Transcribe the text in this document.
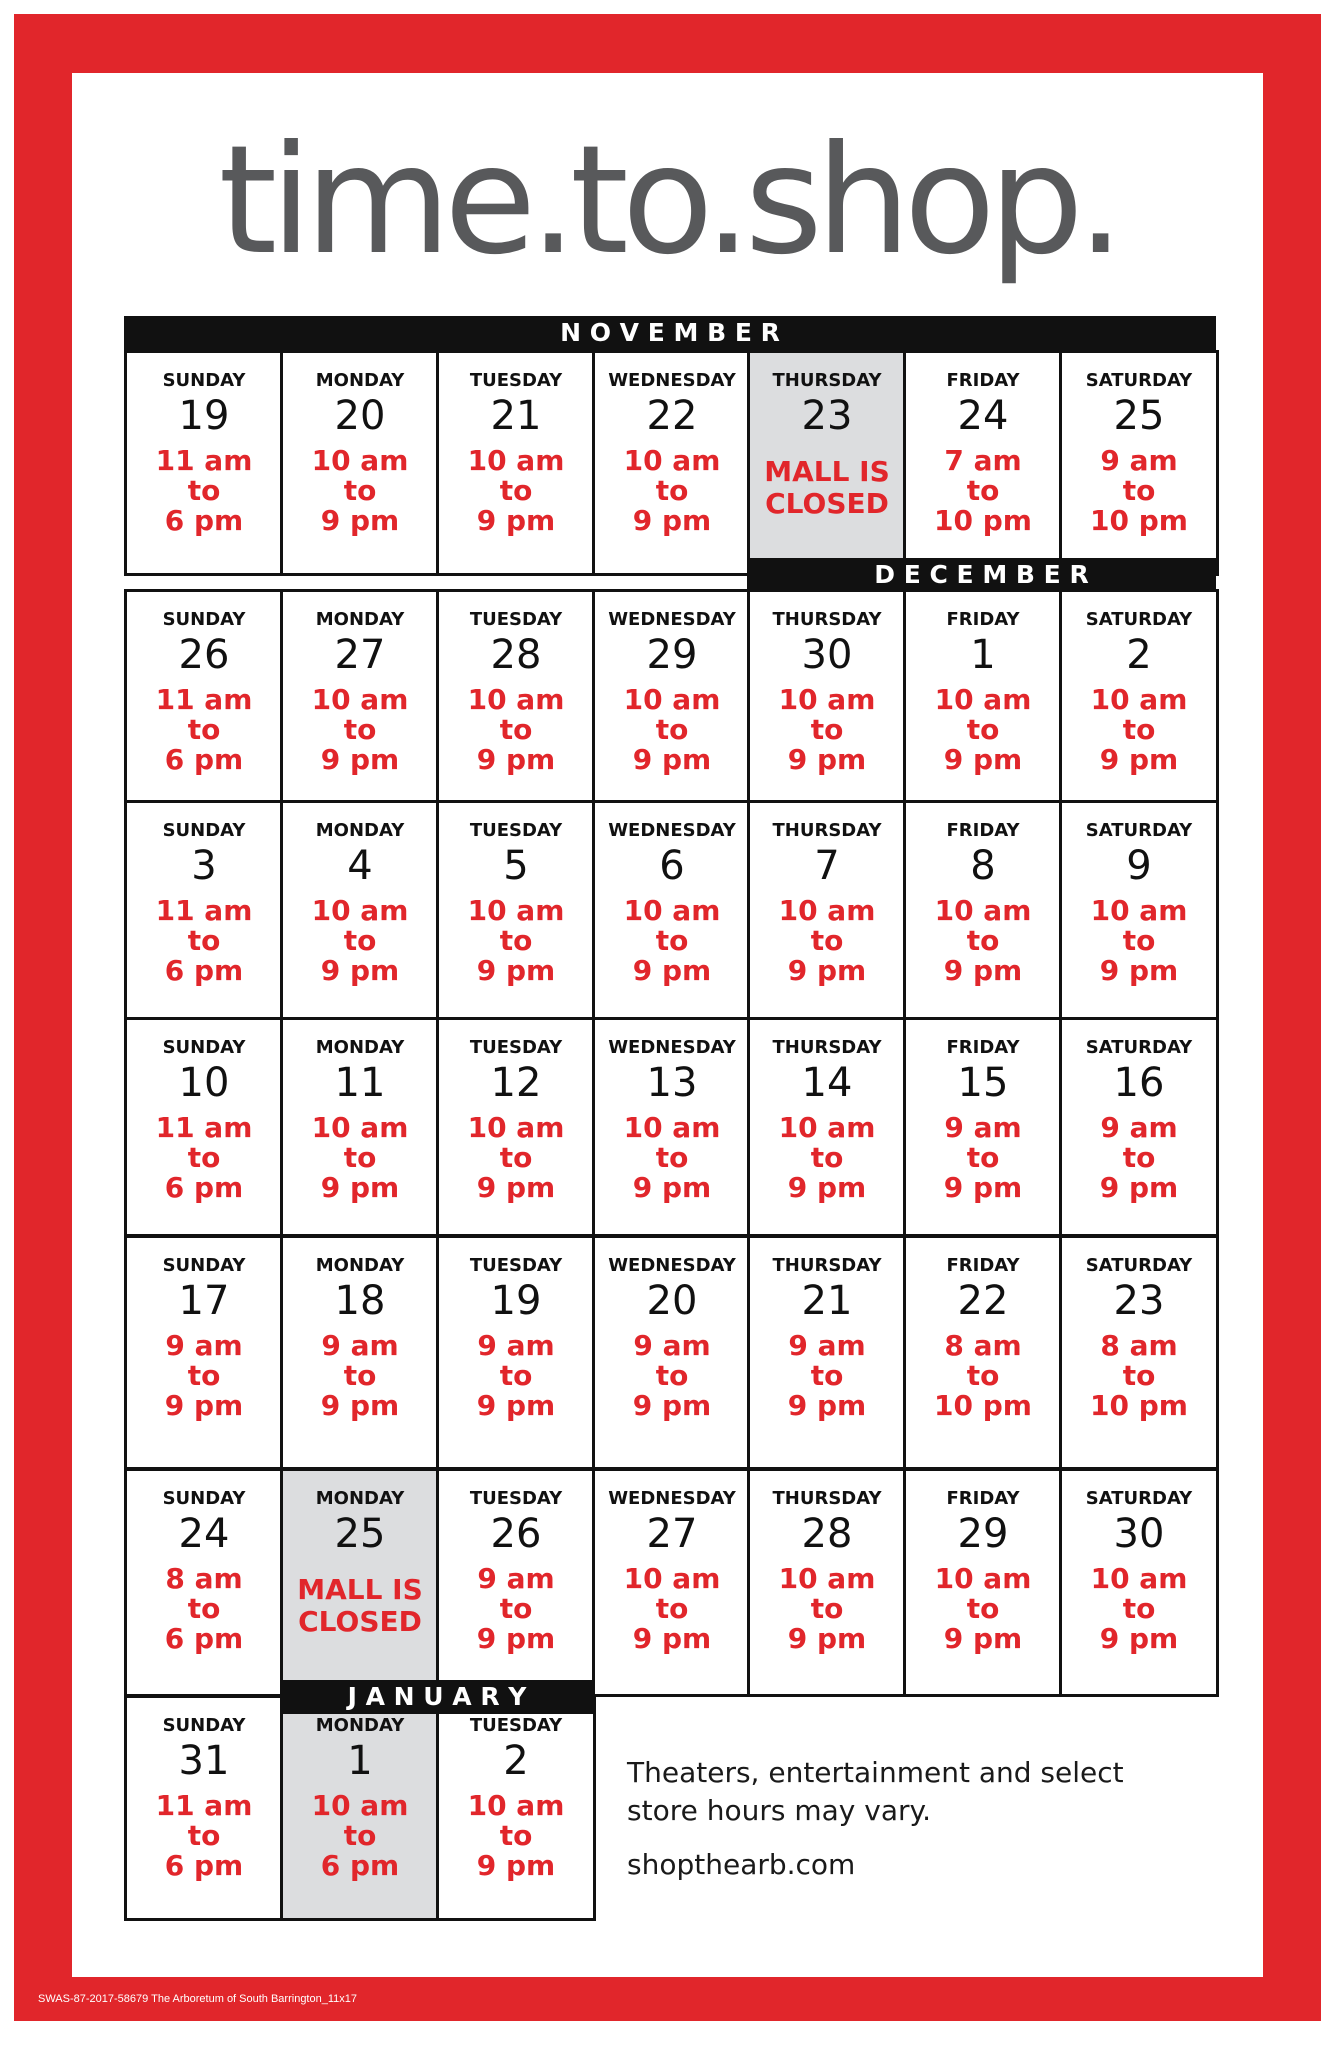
time.to.shop.
SUNDAY
19
11 am
to
6 pm
MONDAY
20
10 am
to
9 pm
TUESDAY
21
10 am
to
9 pm
WEDNESDAY
22
10 am
to
9 pm
THURSDAY
23
MALL IS
CLOSED
FRIDAY
24
7 am
to
10 pm
SATURDAY
25
9 am
to
10 pm
SUNDAY
26
11 am
to
6 pm
MONDAY
27
10 am
to
9 pm
TUESDAY
28
10 am
to
9 pm
WEDNESDAY
29
10 am
to
9 pm
THURSDAY
30
10 am
to
9 pm
FRIDAY
1
10 am
to
9 pm
SATURDAY
2
10 am
to
9 pm
SUNDAY
3
11 am
to
6 pm
MONDAY
4
10 am
to
9 pm
TUESDAY
5
10 am
to
9 pm
WEDNESDAY
6
10 am
to
9 pm
THURSDAY
7
10 am
to
9 pm
FRIDAY
8
10 am
to
9 pm
SATURDAY
9
10 am
to
9 pm
SUNDAY
10
11 am
to
6 pm
MONDAY
11
10 am
to
9 pm
TUESDAY
12
10 am
to
9 pm
WEDNESDAY
13
10 am
to
9 pm
THURSDAY
14
10 am
to
9 pm
FRIDAY
15
9 am
to
9 pm
SATURDAY
16
9 am
to
9 pm
SUNDAY
17
9 am
to
9 pm
MONDAY
18
9 am
to
9 pm
TUESDAY
19
9 am
to
9 pm
WEDNESDAY
20
9 am
to
9 pm
THURSDAY
21
9 am
to
9 pm
FRIDAY
22
8 am
to
10 pm
SATURDAY
23
8 am
to
10 pm
SUNDAY
24
8 am
to
6 pm
MONDAY
25
MALL IS
CLOSED
TUESDAY
26
9 am
to
9 pm
WEDNESDAY
27
10 am
to
9 pm
THURSDAY
28
10 am
to
9 pm
FRIDAY
29
10 am
to
9 pm
SATURDAY
30
10 am
to
9 pm
SUNDAY
31
11 am
to
6 pm
MONDAY
1
10 am
to
6 pm
TUESDAY
2
10 am
to
9 pm
N O V E M B E R
D E C E M B E R
J A N U A R Y
Theaters, entertainment and select
store hours may vary.
shopthearb.com
SWAS-87-2017-58679 The Arboretum of South Barrington_11x17
